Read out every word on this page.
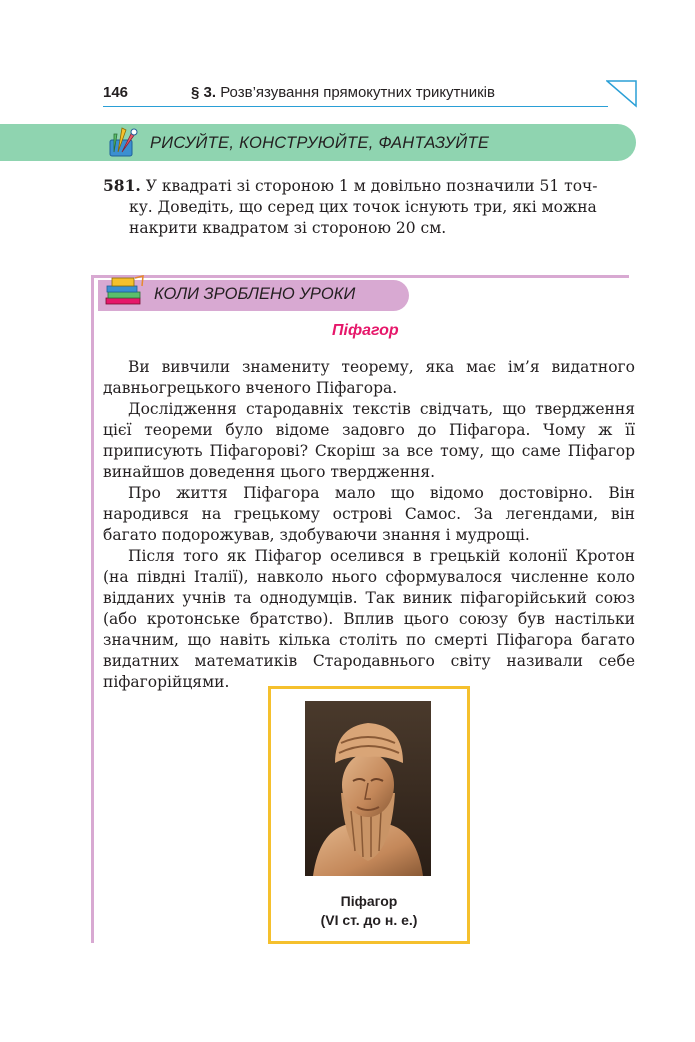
146	§ 3. Розв’язування прямокутних трикутників
РИСУЙТЕ, КОНСТРУЮЙТЕ, ФАНТАЗУЙТЕ

581. У квадраті зі стороною 1 м довільно позначили 51 точ-

ку. Доведіть, що серед цих точок існують три, які можна

накрити квадратом зі стороною 20 см.

КОЛИ ЗРОБЛЕНО УРОКИ
Піфагор

Ви вивчили знамениту теорему, яка має ім’я видатного давньогрецького вченого Піфагора.

Дослідження стародавніх текстів свідчать, що твердження цієї теореми було відоме задовго до Піфагора. Чому ж її приписують Піфагорові? Скоріш за все тому, що саме Піфагор винайшов доведення цього твердження.

Про життя Піфагора мало що відомо достовірно. Він народився на грецькому острові Самос. За легендами, він багато подорожував, здобуваючи знання і мудрощі.

Після того як Піфагор оселився в грецькій колонії Кротон (на півдні Італії), навколо нього сформувалося численне коло відданих учнів та однодумців. Так виник піфагорійський союз (або кротонське братство). Вплив цього союзу був настільки значним, що навіть кілька століть по смерті Піфагора багато видатних математиків Стародавнього світу називали себе піфагорійцями.

Піфагор
(VI ст. до н. е.)
